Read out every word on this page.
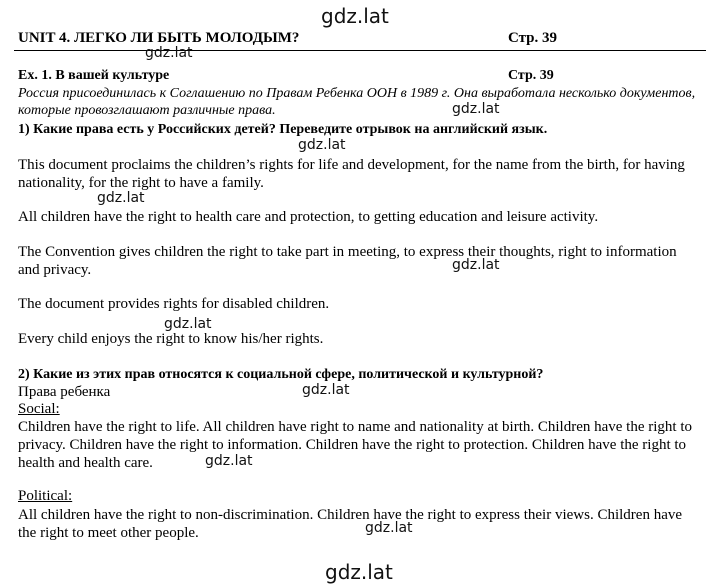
UNIT 4. ЛЕГКО ЛИ БЫТЬ МОЛОДЫМ?	Стр. 39
Ex. 1. В вашей культуре	Стр. 39
Россия присоединилась к Соглашению по Правам Ребенка ООН в 1989 г. Она выработала несколько документов, которые провозглашают различные права.
1) Какие права есть у Российских детей? Переведите отрывок на английский язык.
This document proclaims the children’s rights for life and development, for the name from the birth, for having nationality, for the right to have a family.
All children have the right to health care and protection, to getting education and leisure activity.
The Convention gives children the right to take part in meeting, to express their thoughts, right to information and privacy.
The document provides rights for disabled children.
Every child enjoys the right to know his/her rights.
2) Какие из этих прав относятся к социальной сфере, политической и культурной?
Права ребенка
Social:
Children have the right to life. All children have right to name and nationality at birth. Children have the right to privacy. Children have the right to information. Children have the right to protection. Children have the right to health and health care.
Political:
All children have the right to non-discrimination. Children have the right to express their views. Children have the right to meet other people.
gdz.lat
gdz.lat
gdz.lat
gdz.lat
gdz.lat
gdz.lat
gdz.lat
gdz.lat
gdz.lat
gdz.lat
gdz.lat
